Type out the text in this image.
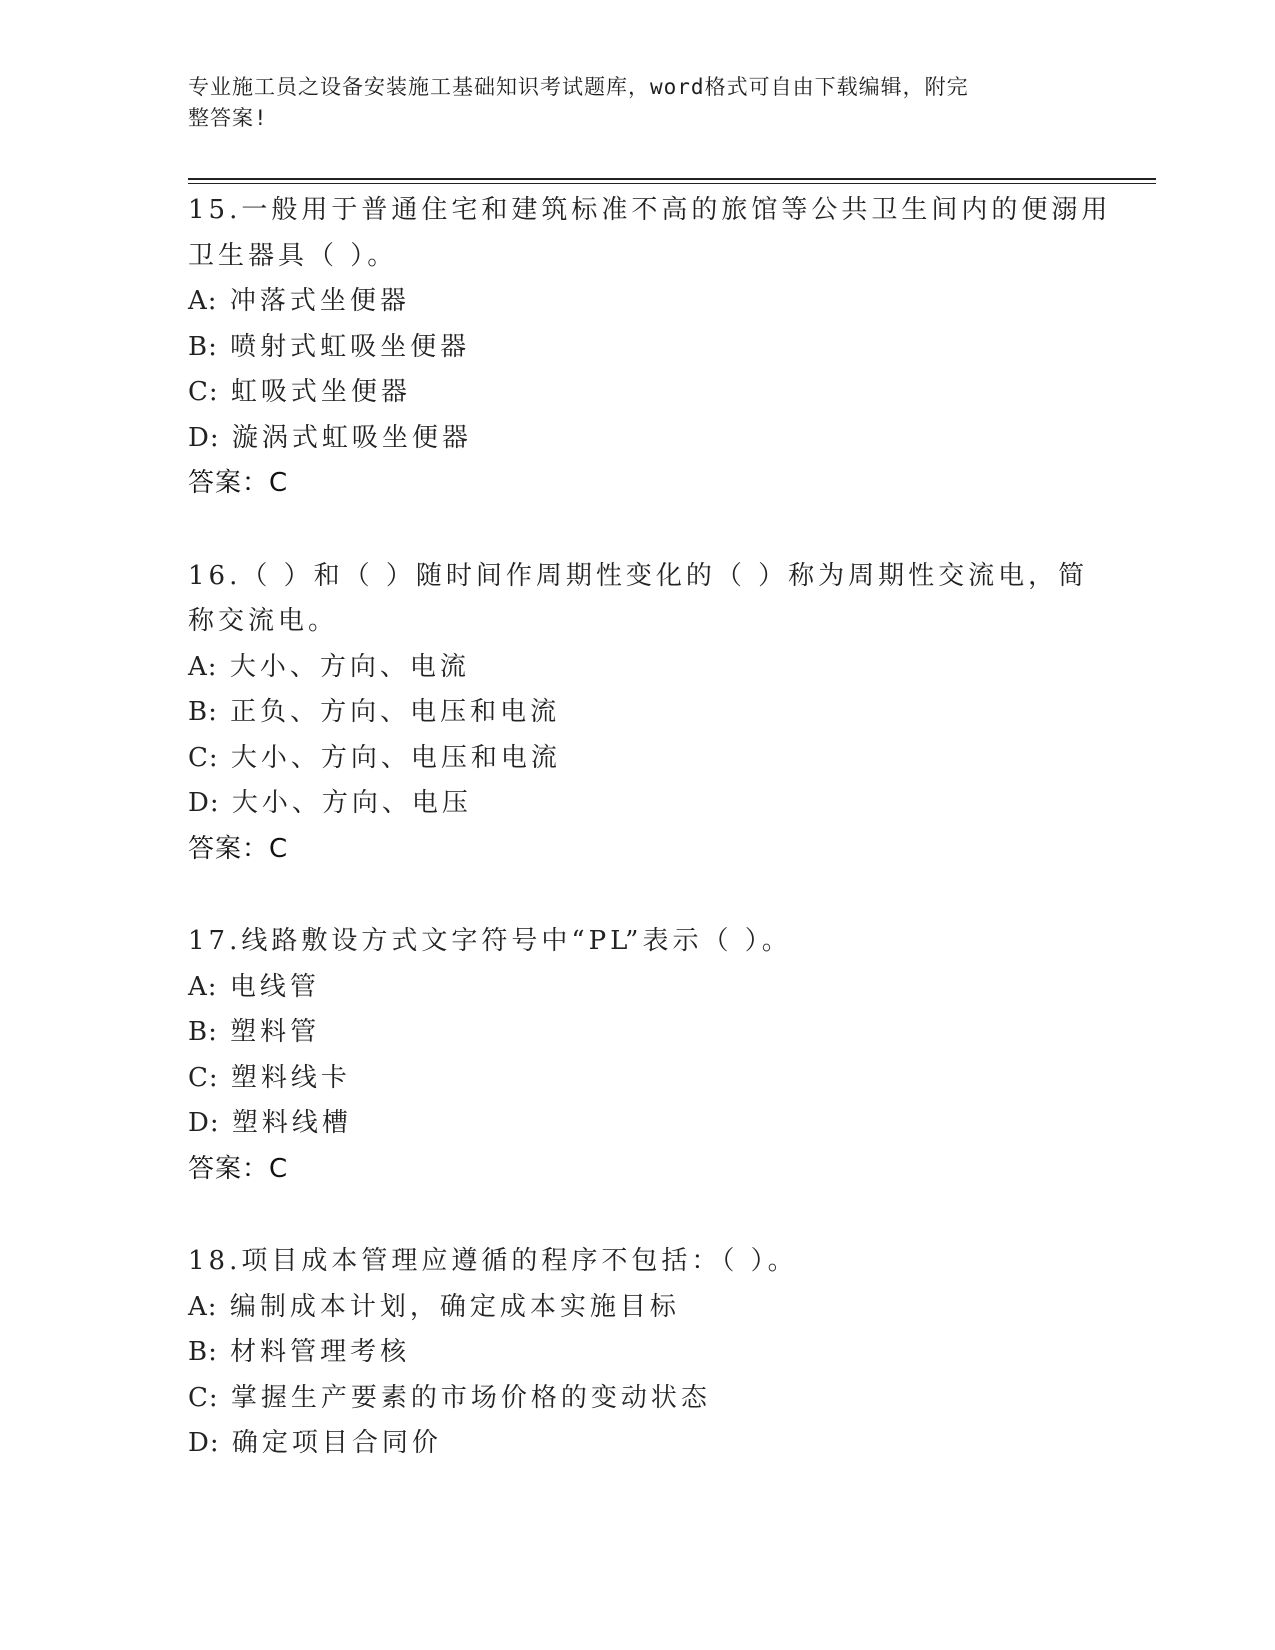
专业施工员之设备安装施工基础知识考试题库，word格式可自由下载编辑，附完
整答案!
15.一般用于普通住宅和建筑标准不高的旅馆等公共卫生间内的便溺用
卫生器具（ ）。
A: 冲落式坐便器
B: 喷射式虹吸坐便器
C: 虹吸式坐便器
D: 漩涡式虹吸坐便器
答案：C
16.（ ）和（ ）随时间作周期性变化的（ ）称为周期性交流电，简
称交流电。
A: 大小、方向、电流
B: 正负、方向、电压和电流
C: 大小、方向、电压和电流
D: 大小、方向、电压
答案：C
17.线路敷设方式文字符号中“PL”表示（ ）。
A: 电线管
B: 塑料管
C: 塑料线卡
D: 塑料线槽
答案：C
18.项目成本管理应遵循的程序不包括：（ ）。
A: 编制成本计划，确定成本实施目标
B: 材料管理考核
C: 掌握生产要素的市场价格的变动状态
D: 确定项目合同价
